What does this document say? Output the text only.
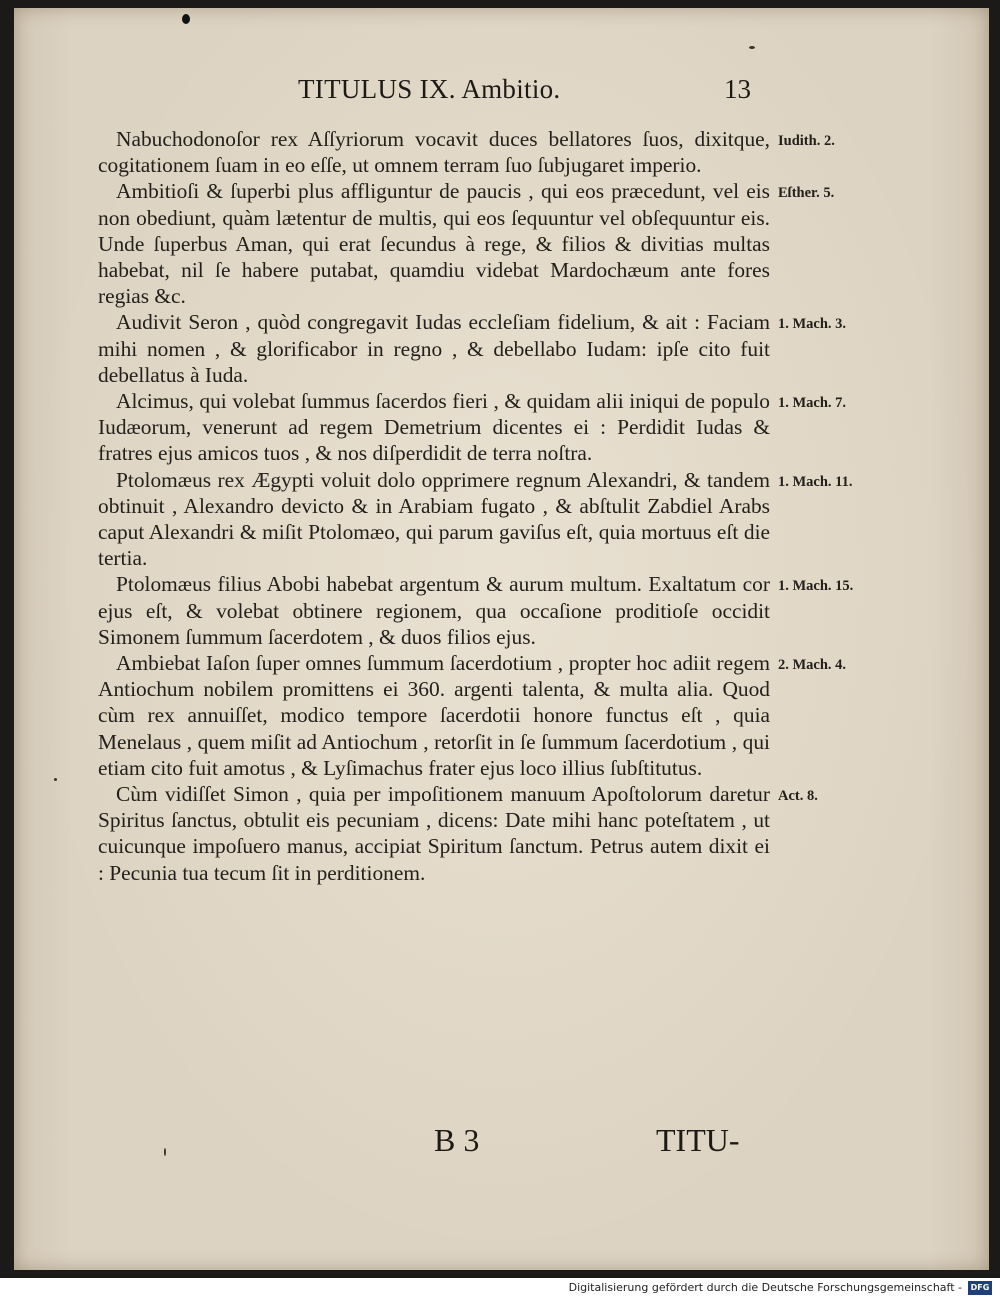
TITULUS IX. Ambitio.	13

Nabuchodonoſor rex Aſſyriorum vocavit duces bellatores ſuos, dixitque, cogitationem ſuam in eo eſſe, ut omnem terram ſuo ſubjugaret imperio.

Iudith. 2.

Ambitioſi & ſuperbi plus affliguntur de paucis , qui eos præcedunt, vel eis non obediunt, quàm lætentur de multis, qui eos ſequuntur vel obſequuntur eis. Unde ſuperbus Aman, qui erat ſecundus à rege, & filios & divitias multas habebat, nil ſe habere putabat, quamdiu videbat Mardochæum ante fores regias &c.

Eſther. 5.

Audivit Seron , quòd congregavit Iudas eccleſiam fidelium, & ait : Faciam mihi nomen , & glorificabor in regno , & debellabo Iudam: ipſe cito fuit debellatus à Iuda.

1. Mach. 3.

Alcimus, qui volebat ſummus ſacerdos fieri , & quidam alii iniqui de populo Iudæorum, venerunt ad regem Demetrium dicentes ei : Perdidit Iudas & fratres ejus amicos tuos , & nos diſperdidit de terra noſtra.

1. Mach. 7.

Ptolomæus rex Ægypti voluit dolo opprimere regnum Alexandri, & tandem obtinuit , Alexandro devicto & in Arabiam fugato , & abſtulit Zabdiel Arabs caput Alexandri & miſit Ptolomæo, qui parum gaviſus eſt, quia mortuus eſt die tertia.

1. Mach. 11.

Ptolomæus filius Abobi habebat argentum & aurum multum. Exaltatum cor ejus eſt, & volebat obtinere regionem, qua occaſione proditioſe occidit Simonem ſummum ſacerdotem , & duos filios ejus.

1. Mach. 15.

Ambiebat Iaſon ſuper omnes ſummum ſacerdotium , propter hoc adiit regem Antiochum nobilem promittens ei 360. argenti talenta, & multa alia. Quod cùm rex annuiſſet, modico tempore ſacerdotii honore functus eſt , quia Menelaus , quem miſit ad Antiochum , retorſit in ſe ſummum ſacerdotium , qui etiam cito fuit amotus , & Lyſimachus frater ejus loco illius ſubſtitutus.

2. Mach. 4.

Cùm vidiſſet Simon , quia per impoſitionem manuum Apoſtolorum daretur Spiritus ſanctus, obtulit eis pecuniam , dicens: Date mihi hanc poteſtatem , ut cuicunque impoſuero manus, accipiat Spiritum ſanctum. Petrus autem dixit ei : Pecunia tua tecum ſit in perditionem.

Act. 8.
B 3	TITU-
Digitalisierung gefördert durch die Deutsche Forschungsgemeinschaft -	DFG
